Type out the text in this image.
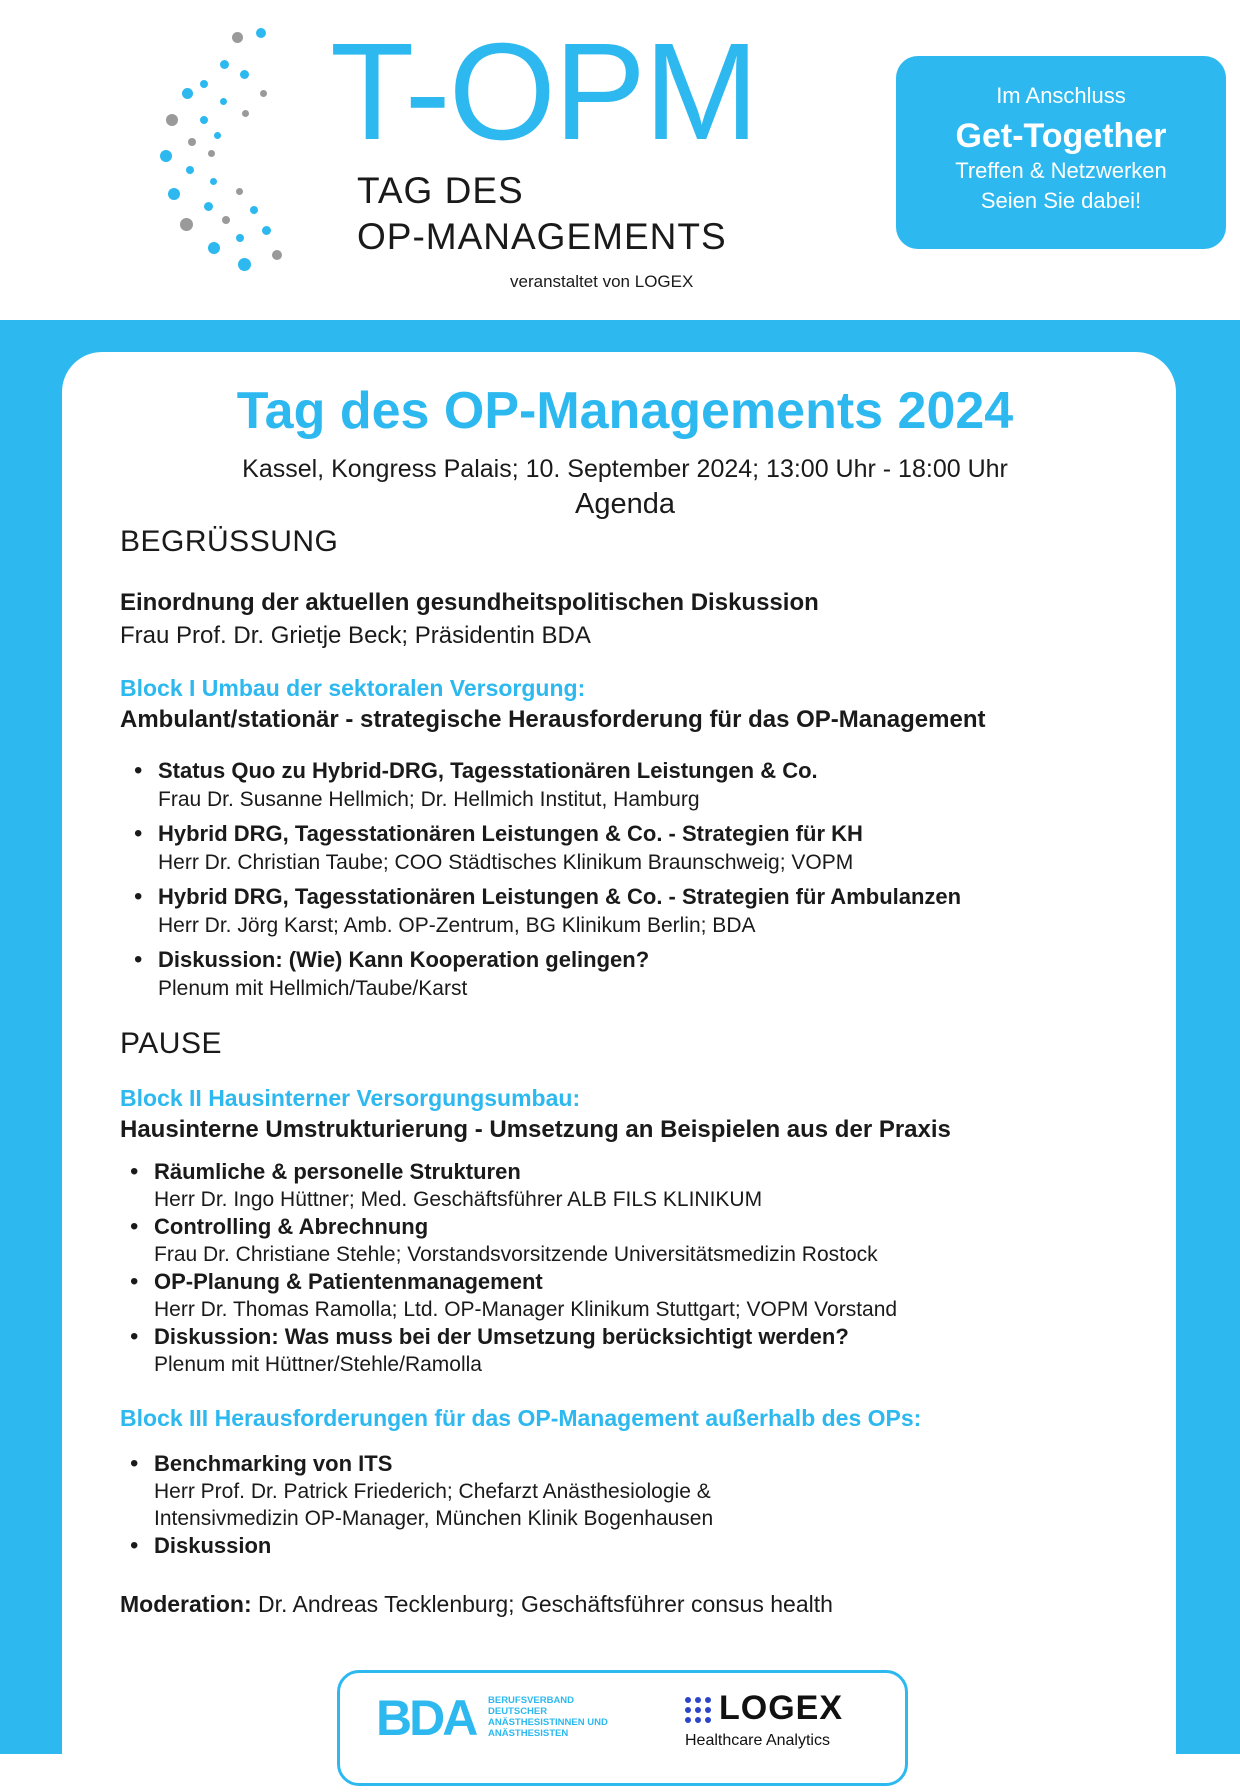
T-OPM
TAG DES
OP-MANAGEMENTS
veranstaltet von LOGEX
Im Anschluss
Get-Together
Treffen & Netzwerken
Seien Sie dabei!
Tag des OP-Managements 2024
Kassel, Kongress Palais; 10. September 2024; 13:00 Uhr - 18:00 Uhr
Agenda
BEGRÜSSUNG
Einordnung der aktuellen gesundheitspolitischen Diskussion
Frau Prof. Dr. Grietje Beck; Präsidentin BDA
Block I Umbau der sektoralen Versorgung:
Ambulant/stationär - strategische Herausforderung für das OP-Management
• Status Quo zu Hybrid-DRG, Tagesstationären Leistungen & Co.
Frau Dr. Susanne Hellmich; Dr. Hellmich Institut, Hamburg
• Hybrid DRG, Tagesstationären Leistungen & Co. - Strategien für KH
Herr Dr. Christian Taube; COO Städtisches Klinikum Braunschweig; VOPM
• Hybrid DRG, Tagesstationären Leistungen & Co. - Strategien für Ambulanzen
Herr Dr. Jörg Karst; Amb. OP-Zentrum, BG Klinikum Berlin; BDA
• Diskussion: (Wie) Kann Kooperation gelingen?
Plenum mit Hellmich/Taube/Karst
PAUSE
Block II Hausinterner Versorgungsumbau:
Hausinterne Umstrukturierung - Umsetzung an Beispielen aus der Praxis
• Räumliche & personelle Strukturen
Herr Dr. Ingo Hüttner; Med. Geschäftsführer ALB FILS KLINIKUM
• Controlling & Abrechnung
Frau Dr. Christiane Stehle; Vorstandsvorsitzende Universitätsmedizin Rostock
• OP-Planung & Patientenmanagement
Herr Dr. Thomas Ramolla; Ltd. OP-Manager Klinikum Stuttgart; VOPM Vorstand
• Diskussion: Was muss bei der Umsetzung berücksichtigt werden?
Plenum mit Hüttner/Stehle/Ramolla
Block III Herausforderungen für das OP-Management außerhalb des OPs:
• Benchmarking von ITS
Herr Prof. Dr. Patrick Friederich; Chefarzt Anästhesiologie &
Intensivmedizin OP-Manager, München Klinik Bogenhausen
• Diskussion
Moderation: Dr. Andreas Tecklenburg; Geschäftsführer consus health
BDA BERUFSVERBAND
DEUTSCHER
ANÄSTHESISTINNEN UND
ANÄSTHESISTEN
LOGEX
Healthcare Analytics
